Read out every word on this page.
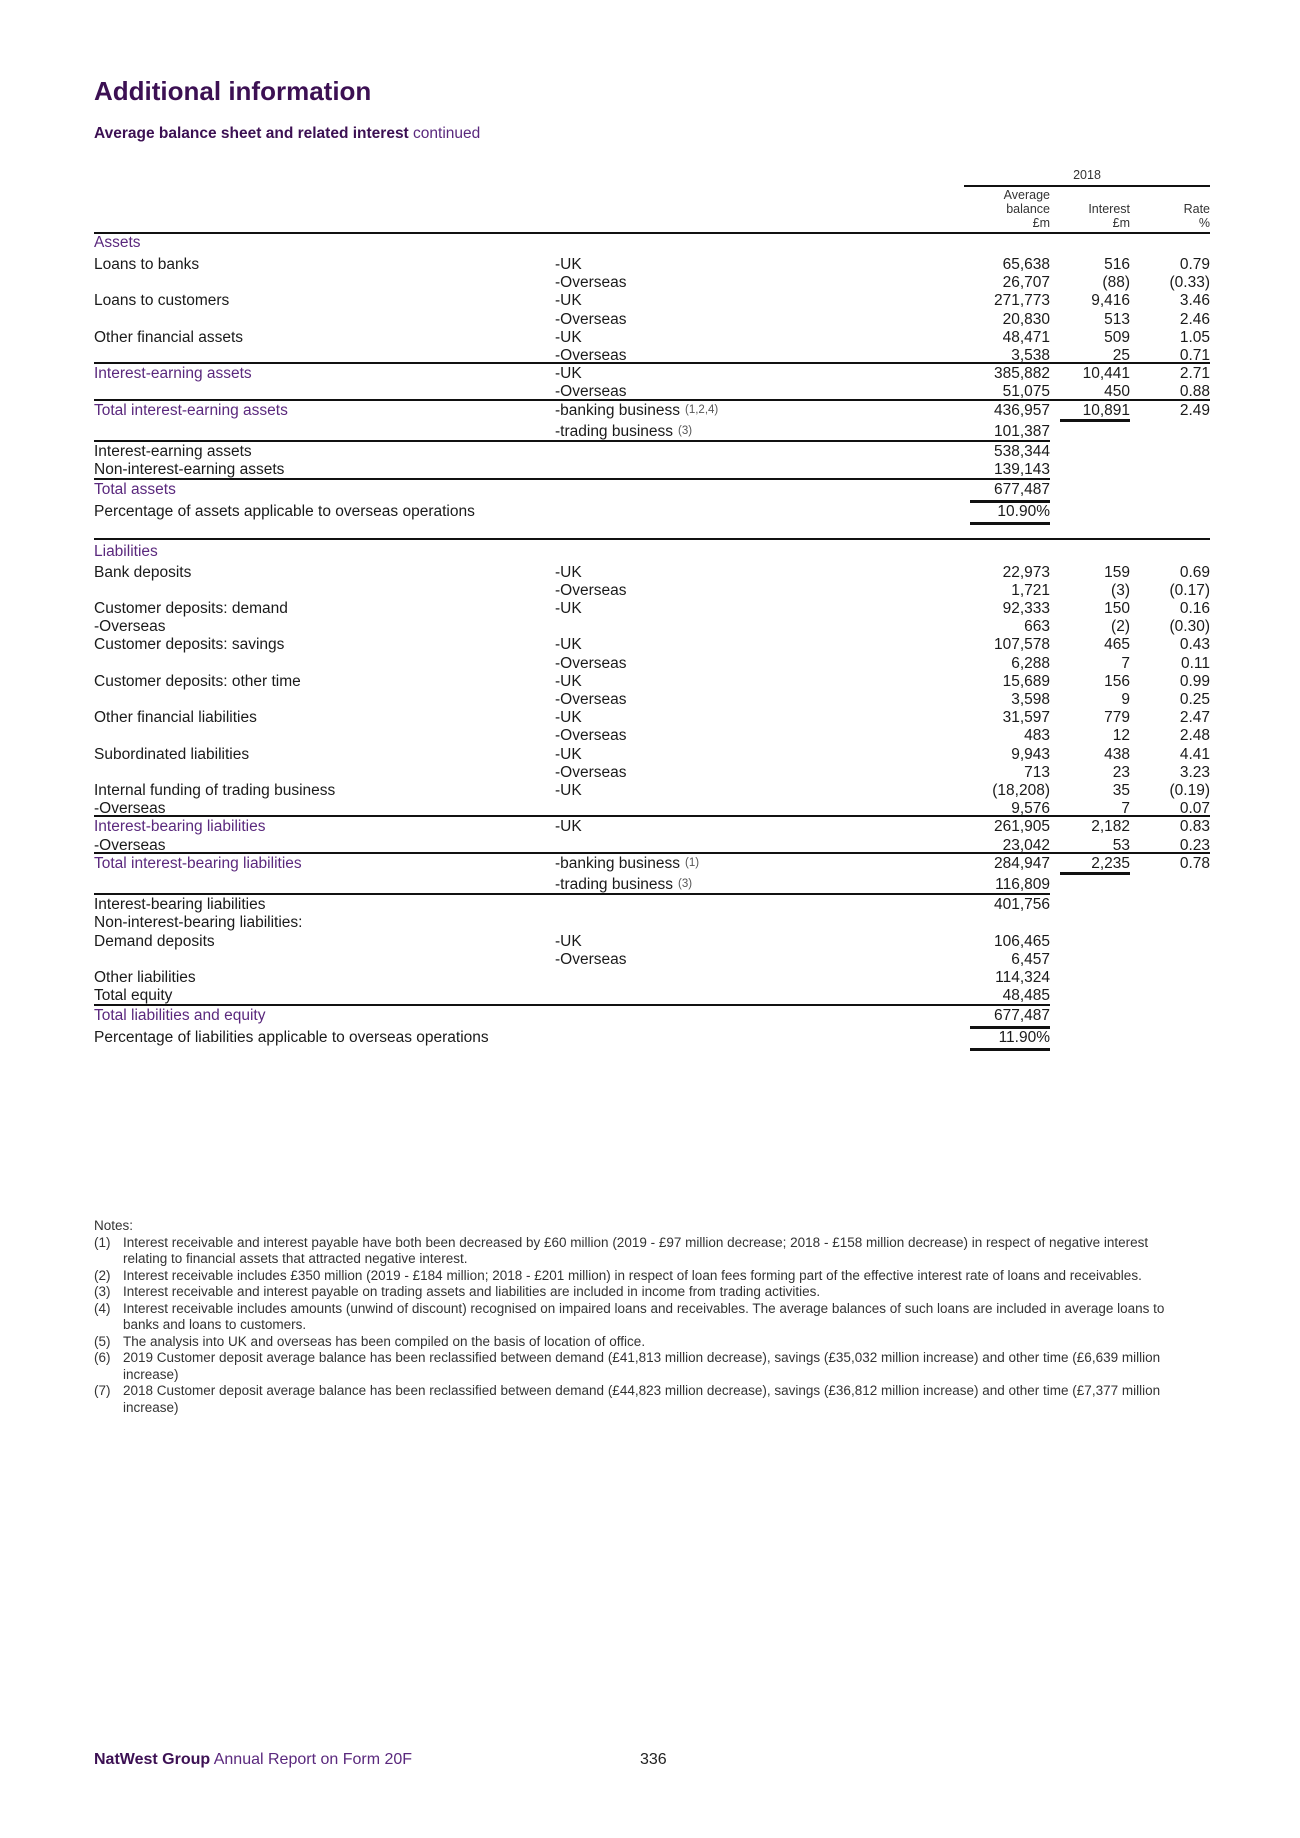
Additional information

Average balance sheet and related interest continued

2018
Average
balance
£m

Interest
£m

Rate
%
Assets
Loans to banks	-UK	65,638	516	0.79
-Overseas	26,707	(88)	(0.33)
Loans to customers	-UK	271,773	9,416	3.46
-Overseas	20,830	513	2.46
Other financial assets	-UK	48,471	509	1.05
-Overseas	3,538	25	0.71
Interest-earning assets	-UK	385,882	10,441	2.71
-Overseas	51,075	450	0.88
Total interest-earning assets	-banking business (1,2,4)	436,957	10,891	2.49
-trading business (3)	101,387
Interest-earning assets	538,344
Non-interest-earning assets	139,143
Total assets	677,487
Percentage of assets applicable to overseas operations	10.90%
Liabilities
Bank deposits	-UK	22,973	159	0.69
-Overseas	1,721	(3)	(0.17)
Customer deposits: demand	-UK	92,333	150	0.16
-Overseas	663	(2)	(0.30)
Customer deposits: savings	-UK	107,578	465	0.43
-Overseas	6,288	7	0.11
Customer deposits: other time	-UK	15,689	156	0.99
-Overseas	3,598	9	0.25
Other financial liabilities	-UK	31,597	779	2.47
-Overseas	483	12	2.48
Subordinated liabilities	-UK	9,943	438	4.41
-Overseas	713	23	3.23
Internal funding of trading business	-UK	(18,208)	35	(0.19)
-Overseas	9,576	7	0.07
Interest-bearing liabilities	-UK	261,905	2,182	0.83
-Overseas	23,042	53	0.23
Total interest-bearing liabilities	-banking business (1)	284,947	2,235	0.78
-trading business (3)	116,809
Interest-bearing liabilities	401,756
Non-interest-bearing liabilities:
Demand deposits	-UK	106,465
-Overseas	6,457
Other liabilities	114,324
Total equity	48,485
Total liabilities and equity	677,487
Percentage of liabilities applicable to overseas operations	11.90%
Notes:
(1) Interest receivable and interest payable have both been decreased by £60 million (2019 - £97 million decrease; 2018 - £158 million decrease) in respect of negative interest relating to financial assets that attracted negative interest.
(2) Interest receivable includes £350 million (2019 - £184 million; 2018 - £201 million) in respect of loan fees forming part of the effective interest rate of loans and receivables.
(3) Interest receivable and interest payable on trading assets and liabilities are included in income from trading activities.
(4) Interest receivable includes amounts (unwind of discount) recognised on impaired loans and receivables. The average balances of such loans are included in average loans to banks and loans to customers.
(5) The analysis into UK and overseas has been compiled on the basis of location of office.
(6) 2019 Customer deposit average balance has been reclassified between demand (£41,813 million decrease), savings (£35,032 million increase) and other time (£6,639 million increase)
(7) 2018 Customer deposit average balance has been reclassified between demand (£44,823 million decrease), savings (£36,812 million increase) and other time (£7,377 million increase)
NatWest Group Annual Report on Form 20F	336
